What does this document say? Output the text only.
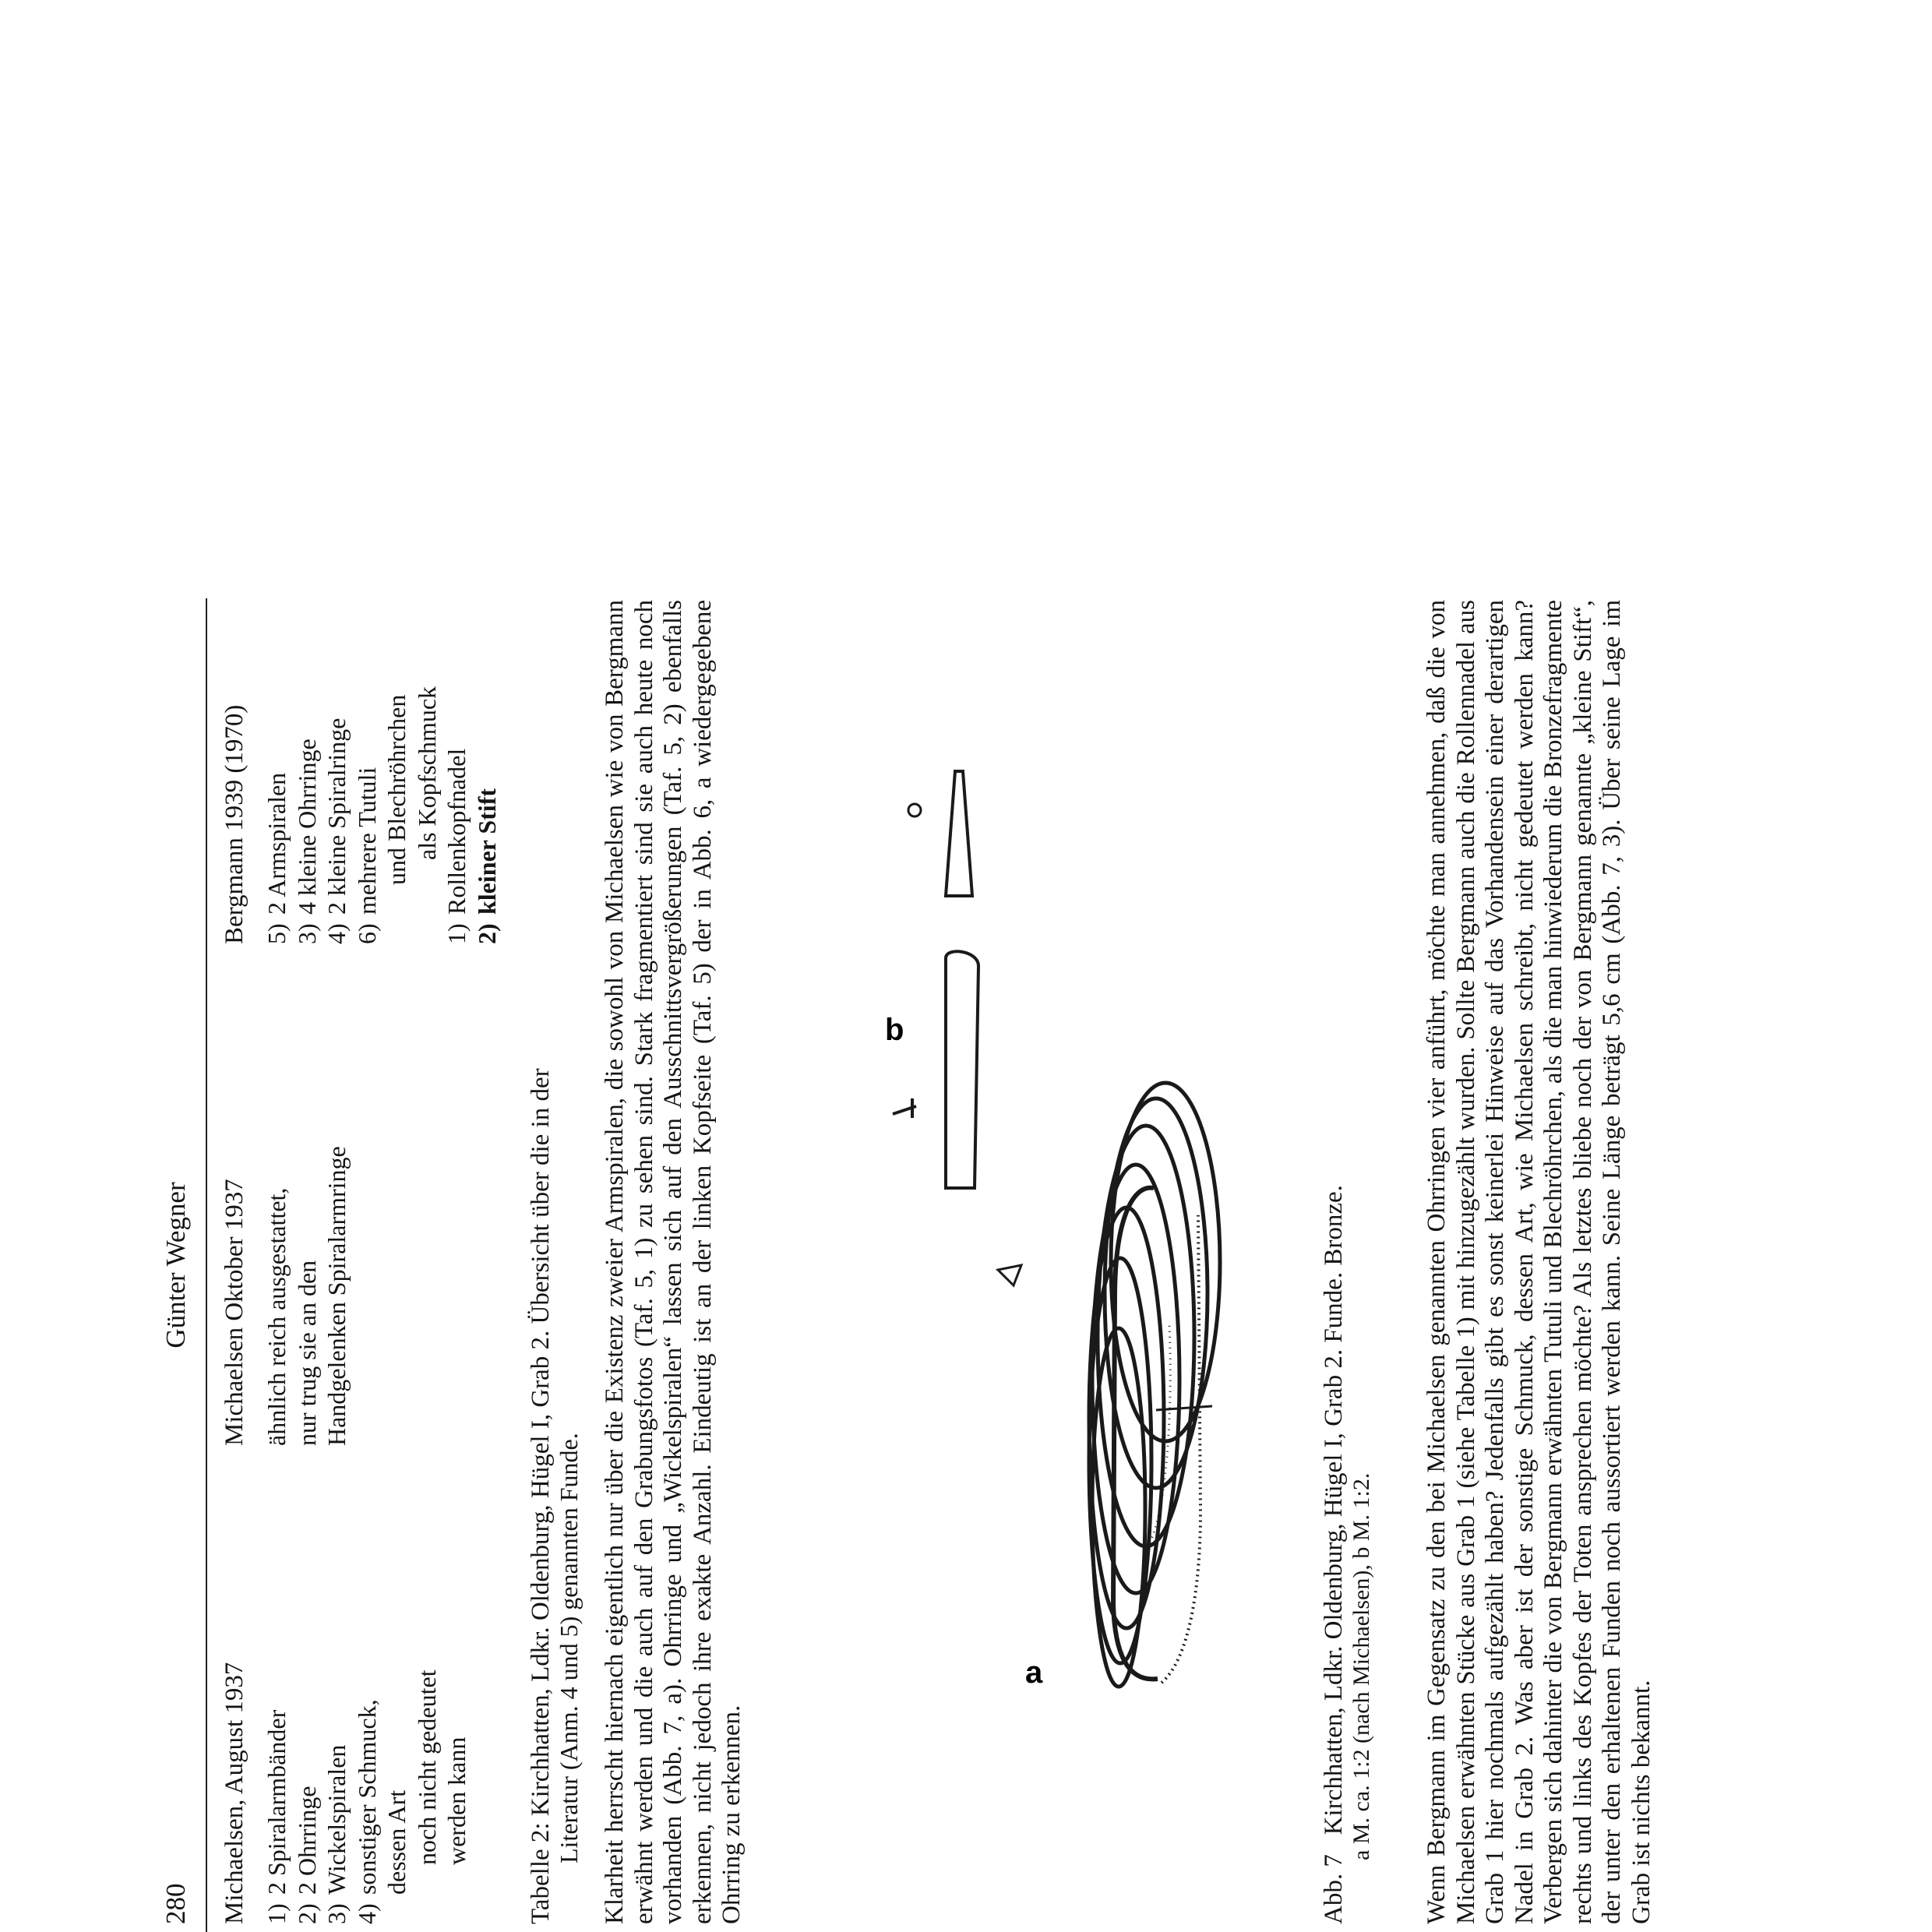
280
Günter Wegner
Michaelsen, August 1937
Michaelsen Oktober 1937
Bergmann 1939 (1970)
1)
2 Spiralarmbänder
2)
2 Ohrringe
3)
Wickelspiralen
4)
sonstiger Schmuck, dessen Art noch nicht gedeutet werden kann
ähnlich reich ausgestattet, nur trug sie an den Handgelenken Spiralarmringe
5)
2 Armspiralen
3)
4 kleine Ohrringe
4)
2 kleine Spiralringe
6)
mehrere Tutuli und Blechröhrchen als Kopfschmuck
1)
Rollenkopfnadel
2)
kleiner Stift
Tabelle 2: Kirchhatten, Ldkr. Oldenburg, Hügel I, Grab 2. Übersicht über die in der Literatur (Anm. 4 und 5) genannten Funde. Klarheit herrscht hiernach eigentlich nur über die Existenz zweier Armspiralen, die sowohl von Michaelsen wie von Bergmann erwähnt werden und die auch auf den Grabungsfotos (Taf. 5, 1) zu sehen sind. Stark fragmentiert sind sie auch heute noch vorhanden (Abb. 7, a). Ohrringe und „Wickelspiralen“ lassen sich auf den Ausschnittsvergrößerungen (Taf. 5, 2) ebenfalls erkennen, nicht jedoch ihre exakte Anzahl. Eindeutig ist an der linken Kopfseite (Taf. 5) der in Abb. 6, a wiedergegebene Ohrring zu erkennen.

a
b
Abb. 7   Kirchhatten, Ldkr. Oldenburg, Hügel I, Grab 2. Funde. Bronze. a M. ca. 1:2 (nach Michaelsen), b M. 1:2. Wenn Bergmann im Gegensatz zu den bei Michaelsen genannten Ohrringen vier anführt, möchte man annehmen, daß die von Michaelsen erwähnten Stücke aus Grab 1 (siehe Tabelle 1) mit hinzugezählt wurden. Sollte Bergmann auch die Rollennadel aus Grab 1 hier nochmals aufgezählt haben? Jedenfalls gibt es sonst keinerlei Hinweise auf das Vorhandensein einer derartigen Nadel in Grab 2. Was aber ist der sonstige Schmuck, dessen Art, wie Michaelsen schreibt, nicht gedeutet werden kann? Verbergen sich dahinter die von Bergmann erwähnten Tutuli und Blechröhrchen, als die man hinwiederum die Bronzefragmente rechts und links des Kopfes der Toten ansprechen möchte? Als letztes bliebe noch der von Bergmann genannte „kleine Stift“, der unter den erhaltenen Funden noch aussortiert werden kann. Seine Länge beträgt 5,6 cm (Abb. 7, 3). Über seine Lage im Grab ist nichts bekannt.
